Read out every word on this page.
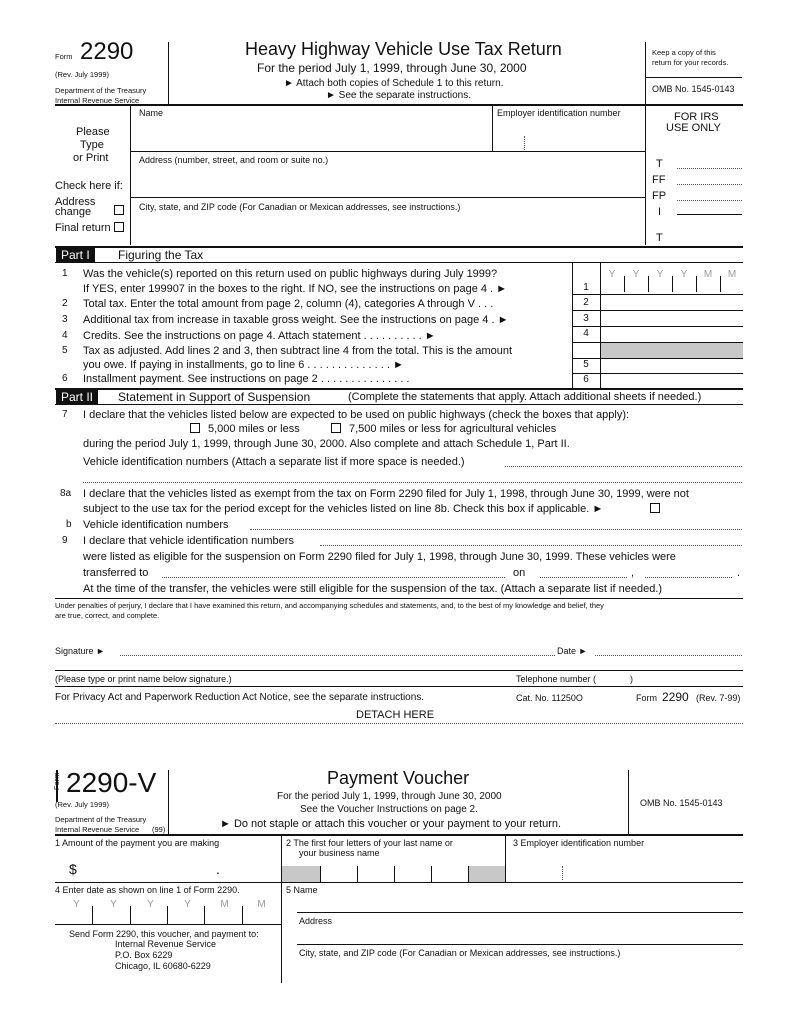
Form 2290
(Rev. July 1999)
Department of the Treasury
Internal Revenue Service
Heavy Highway Vehicle Use Tax Return
For the period July 1, 1999, through June 30, 2000
► Attach both copies of Schedule 1 to this return.
► See the separate instructions.
Keep a copy of this
return for your records.
OMB No. 1545-0143
Please
Type
or Print
Name	Employer identification number
Address (number, street, and room or suite no.)
City, state, and ZIP code (For Canadian or Mexican addresses, see instructions.)
Check here if:
Address
change
Final return
FOR IRS
USE ONLY
T
FF
FP
I
T
Part I	Figuring the Tax
Y Y Y Y M M
1 Was the vehicle(s) reported on this return used on public highways during July 1999?
If YES, enter 199907 in the boxes to the right. If NO, see the instructions on page 4 . ►	1
2 Total tax. Enter the total amount from page 2, column (4), categories A through V . . .	2
3 Additional tax from increase in taxable gross weight. See the instructions on page 4 . ►	3
4 Credits. See the instructions on page 4. Attach statement . . . . . . . . . . ►	4
5 Tax as adjusted. Add lines 2 and 3, then subtract line 4 from the total. This is the amount
you owe. If paying in installments, go to line 6 . . . . . . . . . . . . . . ►	5
6 Installment payment. See instructions on page 2 . . . . . . . . . . . . . . .	6
Part II	Statement in Support of Suspension	(Complete the statements that apply. Attach additional sheets if needed.)
7 I declare that the vehicles listed below are expected to be used on public highways (check the boxes that apply):
5,000 miles or less	7,500 miles or less for agricultural vehicles
during the period July 1, 1999, through June 30, 2000. Also complete and attach Schedule 1, Part II.
Vehicle identification numbers (Attach a separate list if more space is needed.)
8a I declare that the vehicles listed as exempt from the tax on Form 2290 filed for July 1, 1998, through June 30, 1999, were not
subject to the use tax for the period except for the vehicles listed on line 8b. Check this box if applicable. ►
b Vehicle identification numbers
9 I declare that vehicle identification numbers
were listed as eligible for the suspension on Form 2290 filed for July 1, 1998, through June 30, 1999. These vehicles were
transferred to	on	,	.
At the time of the transfer, the vehicles were still eligible for the suspension of the tax. (Attach a separate list if needed.)
Under penalties of perjury, I declare that I have examined this return, and accompanying schedules and statements, and, to the best of my knowledge and belief, they
are true, correct, and complete.
Signature ►	Date ►
(Please type or print name below signature.)	Telephone number (	)
For Privacy Act and Paperwork Reduction Act Notice, see the separate instructions.	Cat. No. 11250O	Form 2290 (Rev. 7-99)
DETACH HERE
Form 2290-V
(Rev. July 1999)
Department of the Treasury
Internal Revenue Service (99)
Payment Voucher
For the period July 1, 1999, through June 30, 2000
See the Voucher Instructions on page 2.
► Do not staple or attach this voucher or your payment to your return.
OMB No. 1545-0143
1 Amount of the payment you are making
$	.
2 The first four letters of your last name or
your business name
3 Employer identification number
4 Enter date as shown on line 1 of Form 2290.
Y	Y	Y	Y	M	M
5 Name
Address
City, state, and ZIP code (For Canadian or Mexican addresses, see instructions.)
Send Form 2290, this voucher, and payment to:
Internal Revenue Service
P.O. Box 6229
Chicago, IL 60680-6229
